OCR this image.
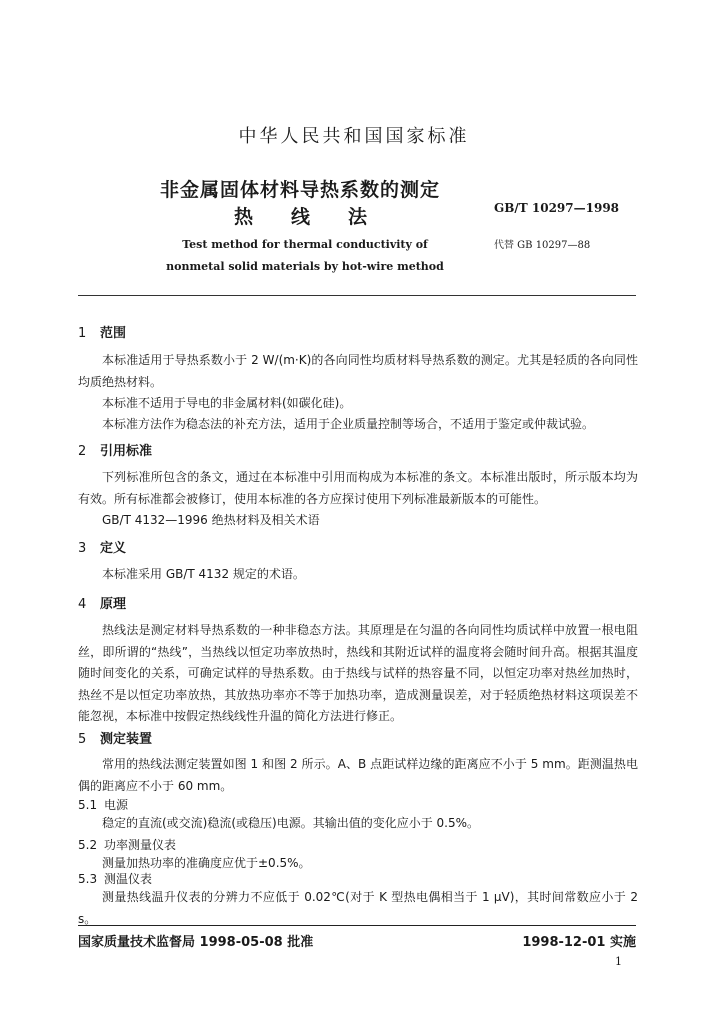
中华人民共和国国家标准
非金属固体材料导热系数的测定
热线法
Test method for thermal conductivity of
nonmetal solid materials by hot-wire method
GB/T 10297—1998
代替 GB 10297—88
1 范围
本标准适用于导热系数小于 2 W/(m·K)的各向同性均质材料导热系数的测定。尤其是轻质的各向同性均质绝热材料。
本标准不适用于导电的非金属材料(如碳化硅)。
本标准方法作为稳态法的补充方法，适用于企业质量控制等场合，不适用于鉴定或仲裁试验。
2 引用标准
下列标准所包含的条文，通过在本标准中引用而构成为本标准的条文。本标准出版时，所示版本均为有效。所有标准都会被修订，使用本标准的各方应探讨使用下列标准最新版本的可能性。
GB/T 4132—1996 绝热材料及相关术语
3 定义
本标准采用 GB/T 4132 规定的术语。
4 原理
热线法是测定材料导热系数的一种非稳态方法。其原理是在匀温的各向同性均质试样中放置一根电阻丝，即所谓的“热线”，当热线以恒定功率放热时，热线和其附近试样的温度将会随时间升高。根据其温度随时间变化的关系，可确定试样的导热系数。由于热线与试样的热容量不同，以恒定功率对热丝加热时，热丝不是以恒定功率放热，其放热功率亦不等于加热功率，造成测量误差，对于轻质绝热材料这项误差不能忽视，本标准中按假定热线线性升温的简化方法进行修正。
5 测定装置
常用的热线法测定装置如图 1 和图 2 所示。A、B 点距试样边缘的距离应不小于 5 mm。距测温热电偶的距离应不小于 60 mm。
5.1 电源
稳定的直流(或交流)稳流(或稳压)电源。其输出值的变化应小于 0.5%。
5.2 功率测量仪表
测量加热功率的准确度应优于±0.5%。
5.3 测温仪表
测量热线温升仪表的分辨力不应低于 0.02℃(对于 K 型热电偶相当于 1 μV)，其时间常数应小于 2 s。
国家质量技术监督局 1998-05-08 批准	1998-12-01 实施
1
